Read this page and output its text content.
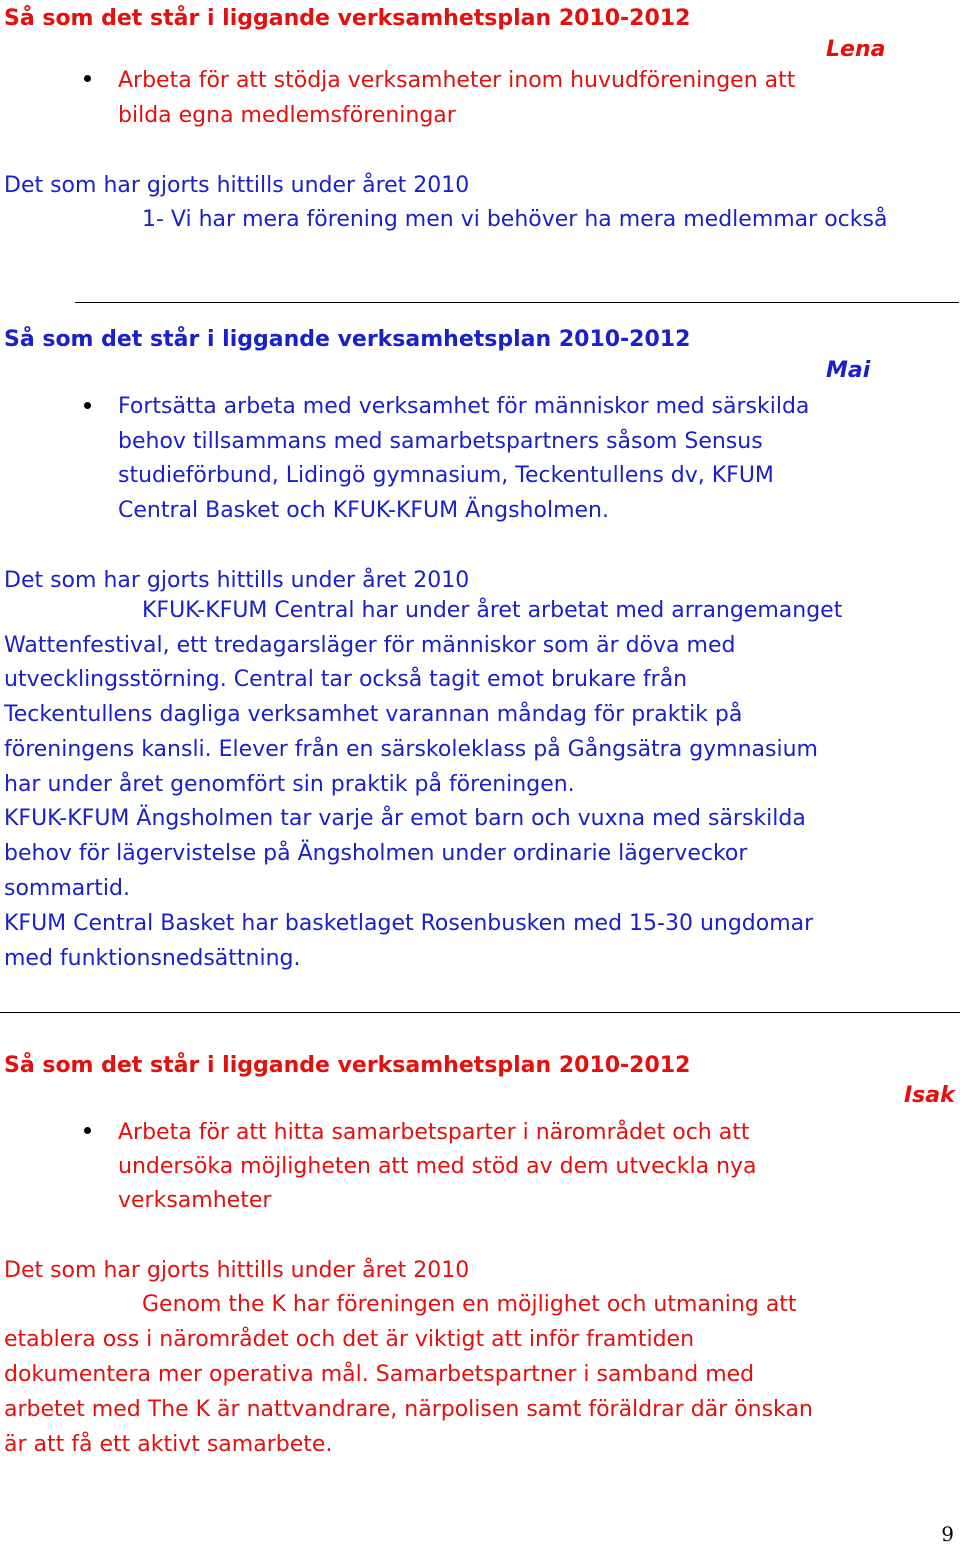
Så som det står i liggande verksamhetsplan 2010-2012
Lena
Arbeta för att stödja verksamheter inom huvudföreningen att
bilda egna medlemsföreningar
Det som har gjorts hittills under året 2010
1- Vi har mera förening men vi behöver ha mera medlemmar också
Så som det står i liggande verksamhetsplan 2010-2012
Mai
Fortsätta arbeta med verksamhet för människor med särskilda
behov tillsammans med samarbetspartners såsom Sensus
studieförbund, Lidingö gymnasium, Teckentullens dv, KFUM
Central Basket och KFUK-KFUM Ängsholmen.
Det som har gjorts hittills under året 2010
KFUK-KFUM Central har under året arbetat med arrangemanget
Wattenfestival, ett tredagarsläger för människor som är döva med
utvecklingsstörning. Central tar också tagit emot brukare från
Teckentullens dagliga verksamhet varannan måndag för praktik på
föreningens kansli. Elever från en särskoleklass på Gångsätra gymnasium
har under året genomfört sin praktik på föreningen.
KFUK-KFUM Ängsholmen tar varje år emot barn och vuxna med särskilda
behov för lägervistelse på Ängsholmen under ordinarie lägerveckor
sommartid.
KFUM Central Basket har basketlaget Rosenbusken med 15-30 ungdomar
med funktionsnedsättning.
Så som det står i liggande verksamhetsplan 2010-2012
Isak
Arbeta för att hitta samarbetsparter i närområdet och att
undersöka möjligheten att med stöd av dem utveckla nya
verksamheter
Det som har gjorts hittills under året 2010
Genom the K har föreningen en möjlighet och utmaning att
etablera oss i närområdet och det är viktigt att inför framtiden
dokumentera mer operativa mål. Samarbetspartner i samband med
arbetet med The K är nattvandrare, närpolisen samt föräldrar där önskan
är att få ett aktivt samarbete.
9
